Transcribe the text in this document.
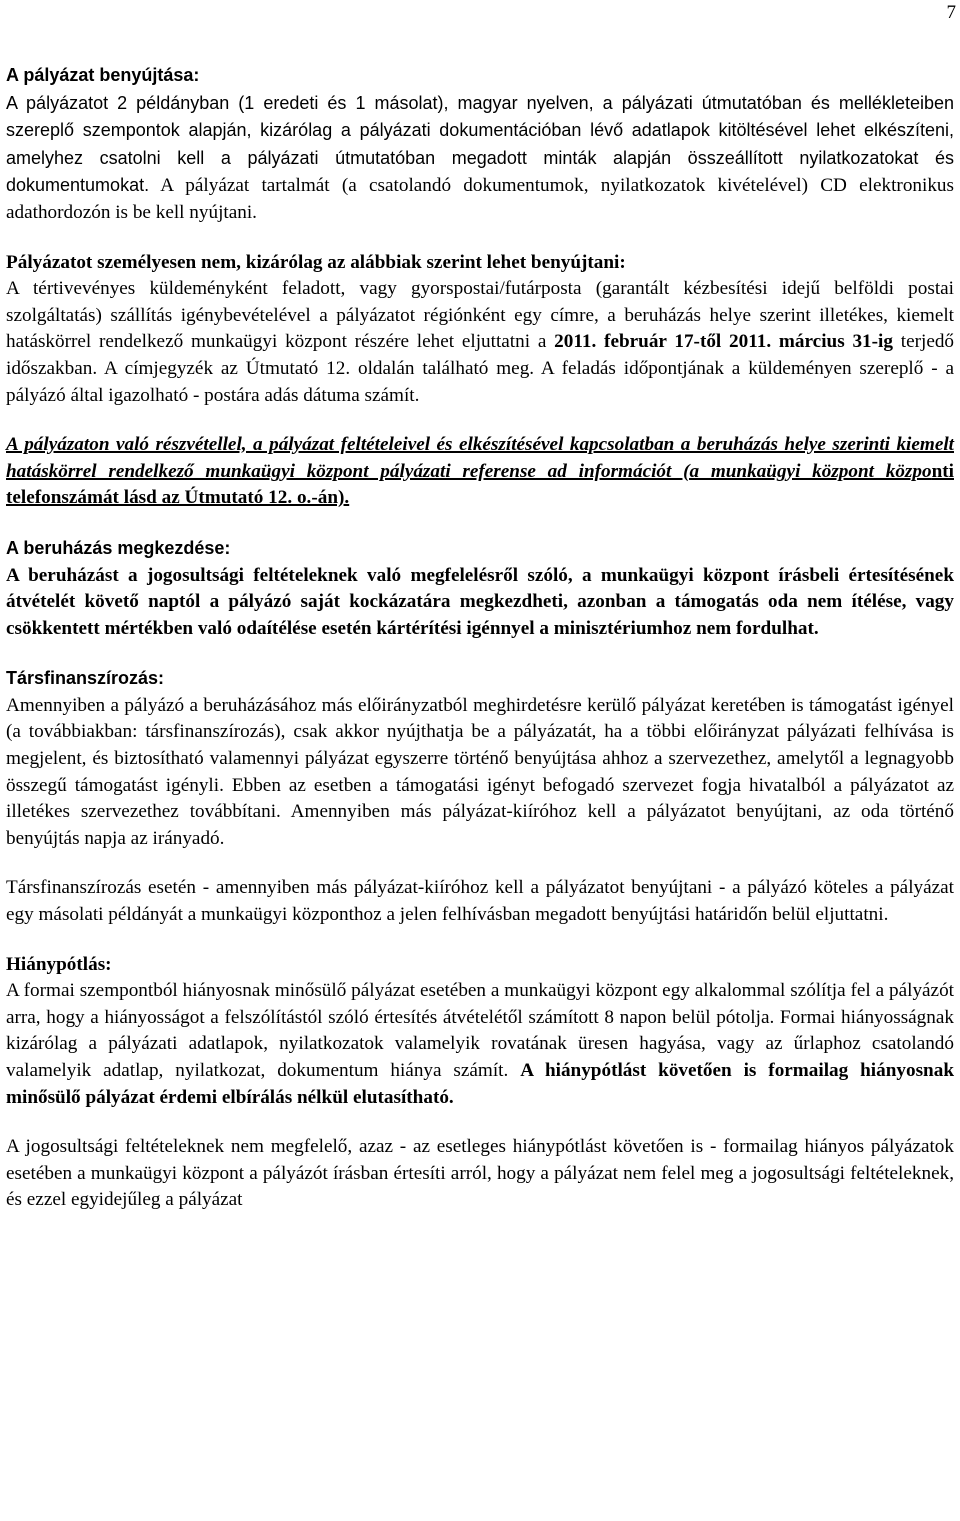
7

A pályázat benyújtása:
A pályázatot 2 példányban (1 eredeti és 1 másolat), magyar nyelven, a pályázati útmutatóban és mellékleteiben szereplő szempontok alapján, kizárólag a pályázati dokumentációban lévő adatlapok kitöltésével lehet elkészíteni, amelyhez csatolni kell a pályázati útmutatóban megadott minták alapján összeállított nyilatkozatokat és dokumentumokat. A pályázat tartalmát (a csatolandó dokumentumok, nyilatkozatok kivételével) CD elektronikus adathordozón is be kell nyújtani.

Pályázatot személyesen nem, kizárólag az alábbiak szerint lehet benyújtani:
A tértivevényes küldeményként feladott, vagy gyorspostai/futárposta (garantált kézbesítési idejű belföldi postai szolgáltatás) szállítás igénybevételével a pályázatot régiónként egy címre, a beruházás helye szerint illetékes, kiemelt hatáskörrel rendelkező munkaügyi központ részére lehet eljuttatni a 2011. február 17-től 2011. március 31-ig terjedő időszakban. A címjegyzék az Útmutató 12. oldalán található meg. A feladás időpontjának a küldeményen szereplő - a pályázó által igazolható - postára adás dátuma számít.

A pályázaton való részvétellel, a pályázat feltételeivel és elkészítésével kapcsolatban a beruházás helye szerinti kiemelt hatáskörrel rendelkező munkaügyi központ pályázati referense ad információt (a munkaügyi központ központi telefonszámát lásd az Útmutató 12. o.-án).

A beruházás megkezdése:
A beruházást a jogosultsági feltételeknek való megfelelésről szóló, a munkaügyi központ írásbeli értesítésének átvételét követő naptól a pályázó saját kockázatára megkezdheti, azonban a támogatás oda nem ítélése, vagy csökkentett mértékben való odaítélése esetén kártérítési igénnyel a minisztériumhoz nem fordulhat.

Társfinanszírozás:
Amennyiben a pályázó a beruházásához más előirányzatból meghirdetésre kerülő pályázat keretében is támogatást igényel (a továbbiakban: társfinanszírozás), csak akkor nyújthatja be a pályázatát, ha a többi előirányzat pályázati felhívása is megjelent, és biztosítható valamennyi pályázat egyszerre történő benyújtása ahhoz a szervezethez, amelytől a legnagyobb összegű támogatást igényli. Ebben az esetben a támogatási igényt befogadó szervezet fogja hivatalból a pályázatot az illetékes szervezethez továbbítani. Amennyiben más pályázat-kiíróhoz kell a pályázatot benyújtani, az oda történő benyújtás napja az irányadó.

Társfinanszírozás esetén - amennyiben más pályázat-kiíróhoz kell a pályázatot benyújtani - a pályázó köteles a pályázat egy másolati példányát a munkaügyi központhoz a jelen felhívásban megadott benyújtási határidőn belül eljuttatni.

Hiánypótlás:
A formai szempontból hiányosnak minősülő pályázat esetében a munkaügyi központ egy alkalommal szólítja fel a pályázót arra, hogy a hiányosságot a felszólítástól szóló értesítés átvételétől számított 8 napon belül pótolja. Formai hiányosságnak kizárólag a pályázati adatlapok, nyilatkozatok valamelyik rovatának üresen hagyása, vagy az űrlaphoz csatolandó valamelyik adatlap, nyilatkozat, dokumentum hiánya számít. A hiánypótlást követően is formailag hiányosnak minősülő pályázat érdemi elbírálás nélkül elutasítható.

A jogosultsági feltételeknek nem megfelelő, azaz - az esetleges hiánypótlást követően is - formailag hiányos pályázatok esetében a munkaügyi központ a pályázót írásban értesíti arról, hogy a pályázat nem felel meg a jogosultsági feltételeknek, és ezzel egyidejűleg a pályázat
